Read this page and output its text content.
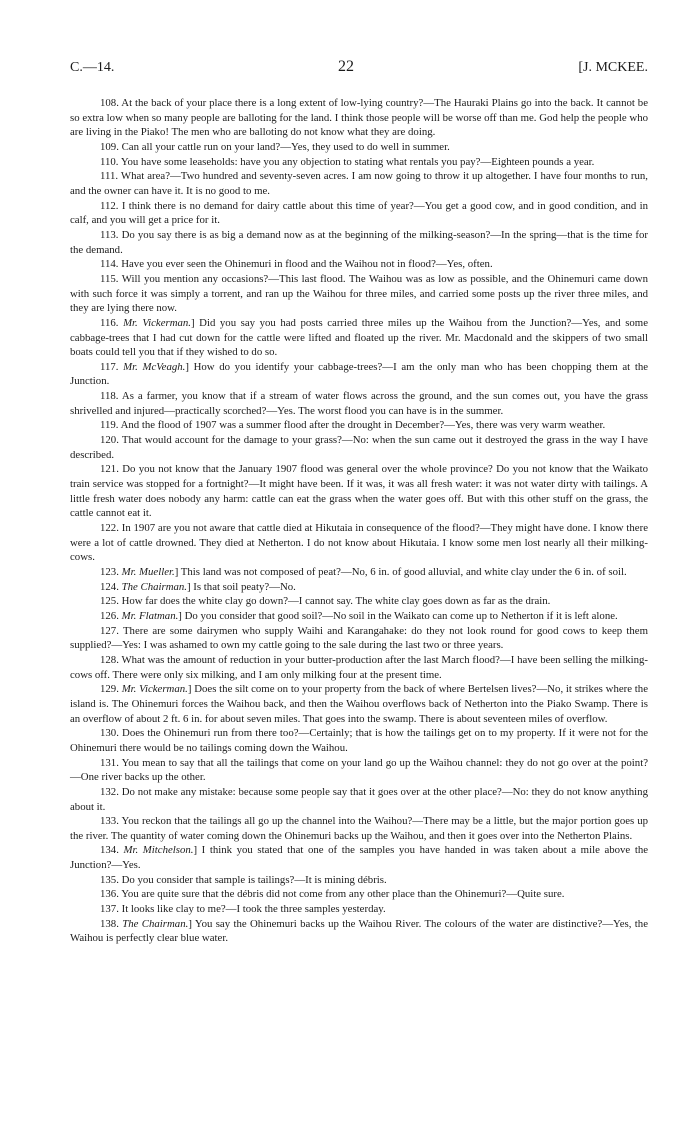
C.—14.	22	[J. MCKEE.

108. At the back of your place there is a long extent of low-lying country?—The Hauraki Plains go into the back. It cannot be so extra low when so many people are balloting for the land. I think those people will be worse off than me. God help the people who are living in the Piako! The men who are balloting do not know what they are doing.

109. Can all your cattle run on your land?—Yes, they used to do well in summer.

110. You have some leaseholds: have you any objection to stating what rentals you pay?—Eighteen pounds a year.

111. What area?—Two hundred and seventy-seven acres. I am now going to throw it up altogether. I have four months to run, and the owner can have it. It is no good to me.

112. I think there is no demand for dairy cattle about this time of year?—You get a good cow, and in good condition, and in calf, and you will get a price for it.

113. Do you say there is as big a demand now as at the beginning of the milking-season?—In the spring—that is the time for the demand.

114. Have you ever seen the Ohinemuri in flood and the Waihou not in flood?—Yes, often.

115. Will you mention any occasions?—This last flood. The Waihou was as low as possible, and the Ohinemuri came down with such force it was simply a torrent, and ran up the Waihou for three miles, and carried some posts up the river three miles, and they are lying there now.

116. Mr. Vickerman.] Did you say you had posts carried three miles up the Waihou from the Junction?—Yes, and some cabbage-trees that I had cut down for the cattle were lifted and floated up the river. Mr. Macdonald and the skippers of two small boats could tell you that if they wished to do so.

117. Mr. McVeagh.] How do you identify your cabbage-trees?—I am the only man who has been chopping them at the Junction.

118. As a farmer, you know that if a stream of water flows across the ground, and the sun comes out, you have the grass shrivelled and injured—practically scorched?—Yes. The worst flood you can have is in the summer.

119. And the flood of 1907 was a summer flood after the drought in December?—Yes, there was very warm weather.

120. That would account for the damage to your grass?—No: when the sun came out it destroyed the grass in the way I have described.

121. Do you not know that the January 1907 flood was general over the whole province? Do you not know that the Waikato train service was stopped for a fortnight?—It might have been. If it was, it was all fresh water: it was not water dirty with tailings. A little fresh water does nobody any harm: cattle can eat the grass when the water goes off. But with this other stuff on the grass, the cattle cannot eat it.

122. In 1907 are you not aware that cattle died at Hikutaia in consequence of the flood?—They might have done. I know there were a lot of cattle drowned. They died at Netherton. I do not know about Hikutaia. I know some men lost nearly all their milking-cows.

123. Mr. Mueller.] This land was not composed of peat?—No, 6 in. of good alluvial, and white clay under the 6 in. of soil.

124. The Chairman.] Is that soil peaty?—No.

125. How far does the white clay go down?—I cannot say. The white clay goes down as far as the drain.

126. Mr. Flatman.] Do you consider that good soil?—No soil in the Waikato can come up to Netherton if it is left alone.

127. There are some dairymen who supply Waihi and Karangahake: do they not look round for good cows to keep them supplied?—Yes: I was ashamed to own my cattle going to the sale during the last two or three years.

128. What was the amount of reduction in your butter-production after the last March flood?—I have been selling the milking-cows off. There were only six milking, and I am only milking four at the present time.

129. Mr. Vickerman.] Does the silt come on to your property from the back of where Bertelsen lives?—No, it strikes where the island is. The Ohinemuri forces the Waihou back, and then the Waihou overflows back of Netherton into the Piako Swamp. There is an overflow of about 2 ft. 6 in. for about seven miles. That goes into the swamp. There is about seventeen miles of overflow.

130. Does the Ohinemuri run from there too?—Certainly; that is how the tailings get on to my property. If it were not for the Ohinemuri there would be no tailings coming down the Waihou.

131. You mean to say that all the tailings that come on your land go up the Waihou channel: they do not go over at the point?—One river backs up the other.

132. Do not make any mistake: because some people say that it goes over at the other place?—No: they do not know anything about it.

133. You reckon that the tailings all go up the channel into the Waihou?—There may be a little, but the major portion goes up the river. The quantity of water coming down the Ohinemuri backs up the Waihou, and then it goes over into the Netherton Plains.

134. Mr. Mitchelson.] I think you stated that one of the samples you have handed in was taken about a mile above the Junction?—Yes.

135. Do you consider that sample is tailings?—It is mining débris.

136. You are quite sure that the débris did not come from any other place than the Ohinemuri?—Quite sure.

137. It looks like clay to me?—I took the three samples yesterday.

138. The Chairman.] You say the Ohinemuri backs up the Waihou River. The colours of the water are distinctive?—Yes, the Waihou is perfectly clear blue water.
